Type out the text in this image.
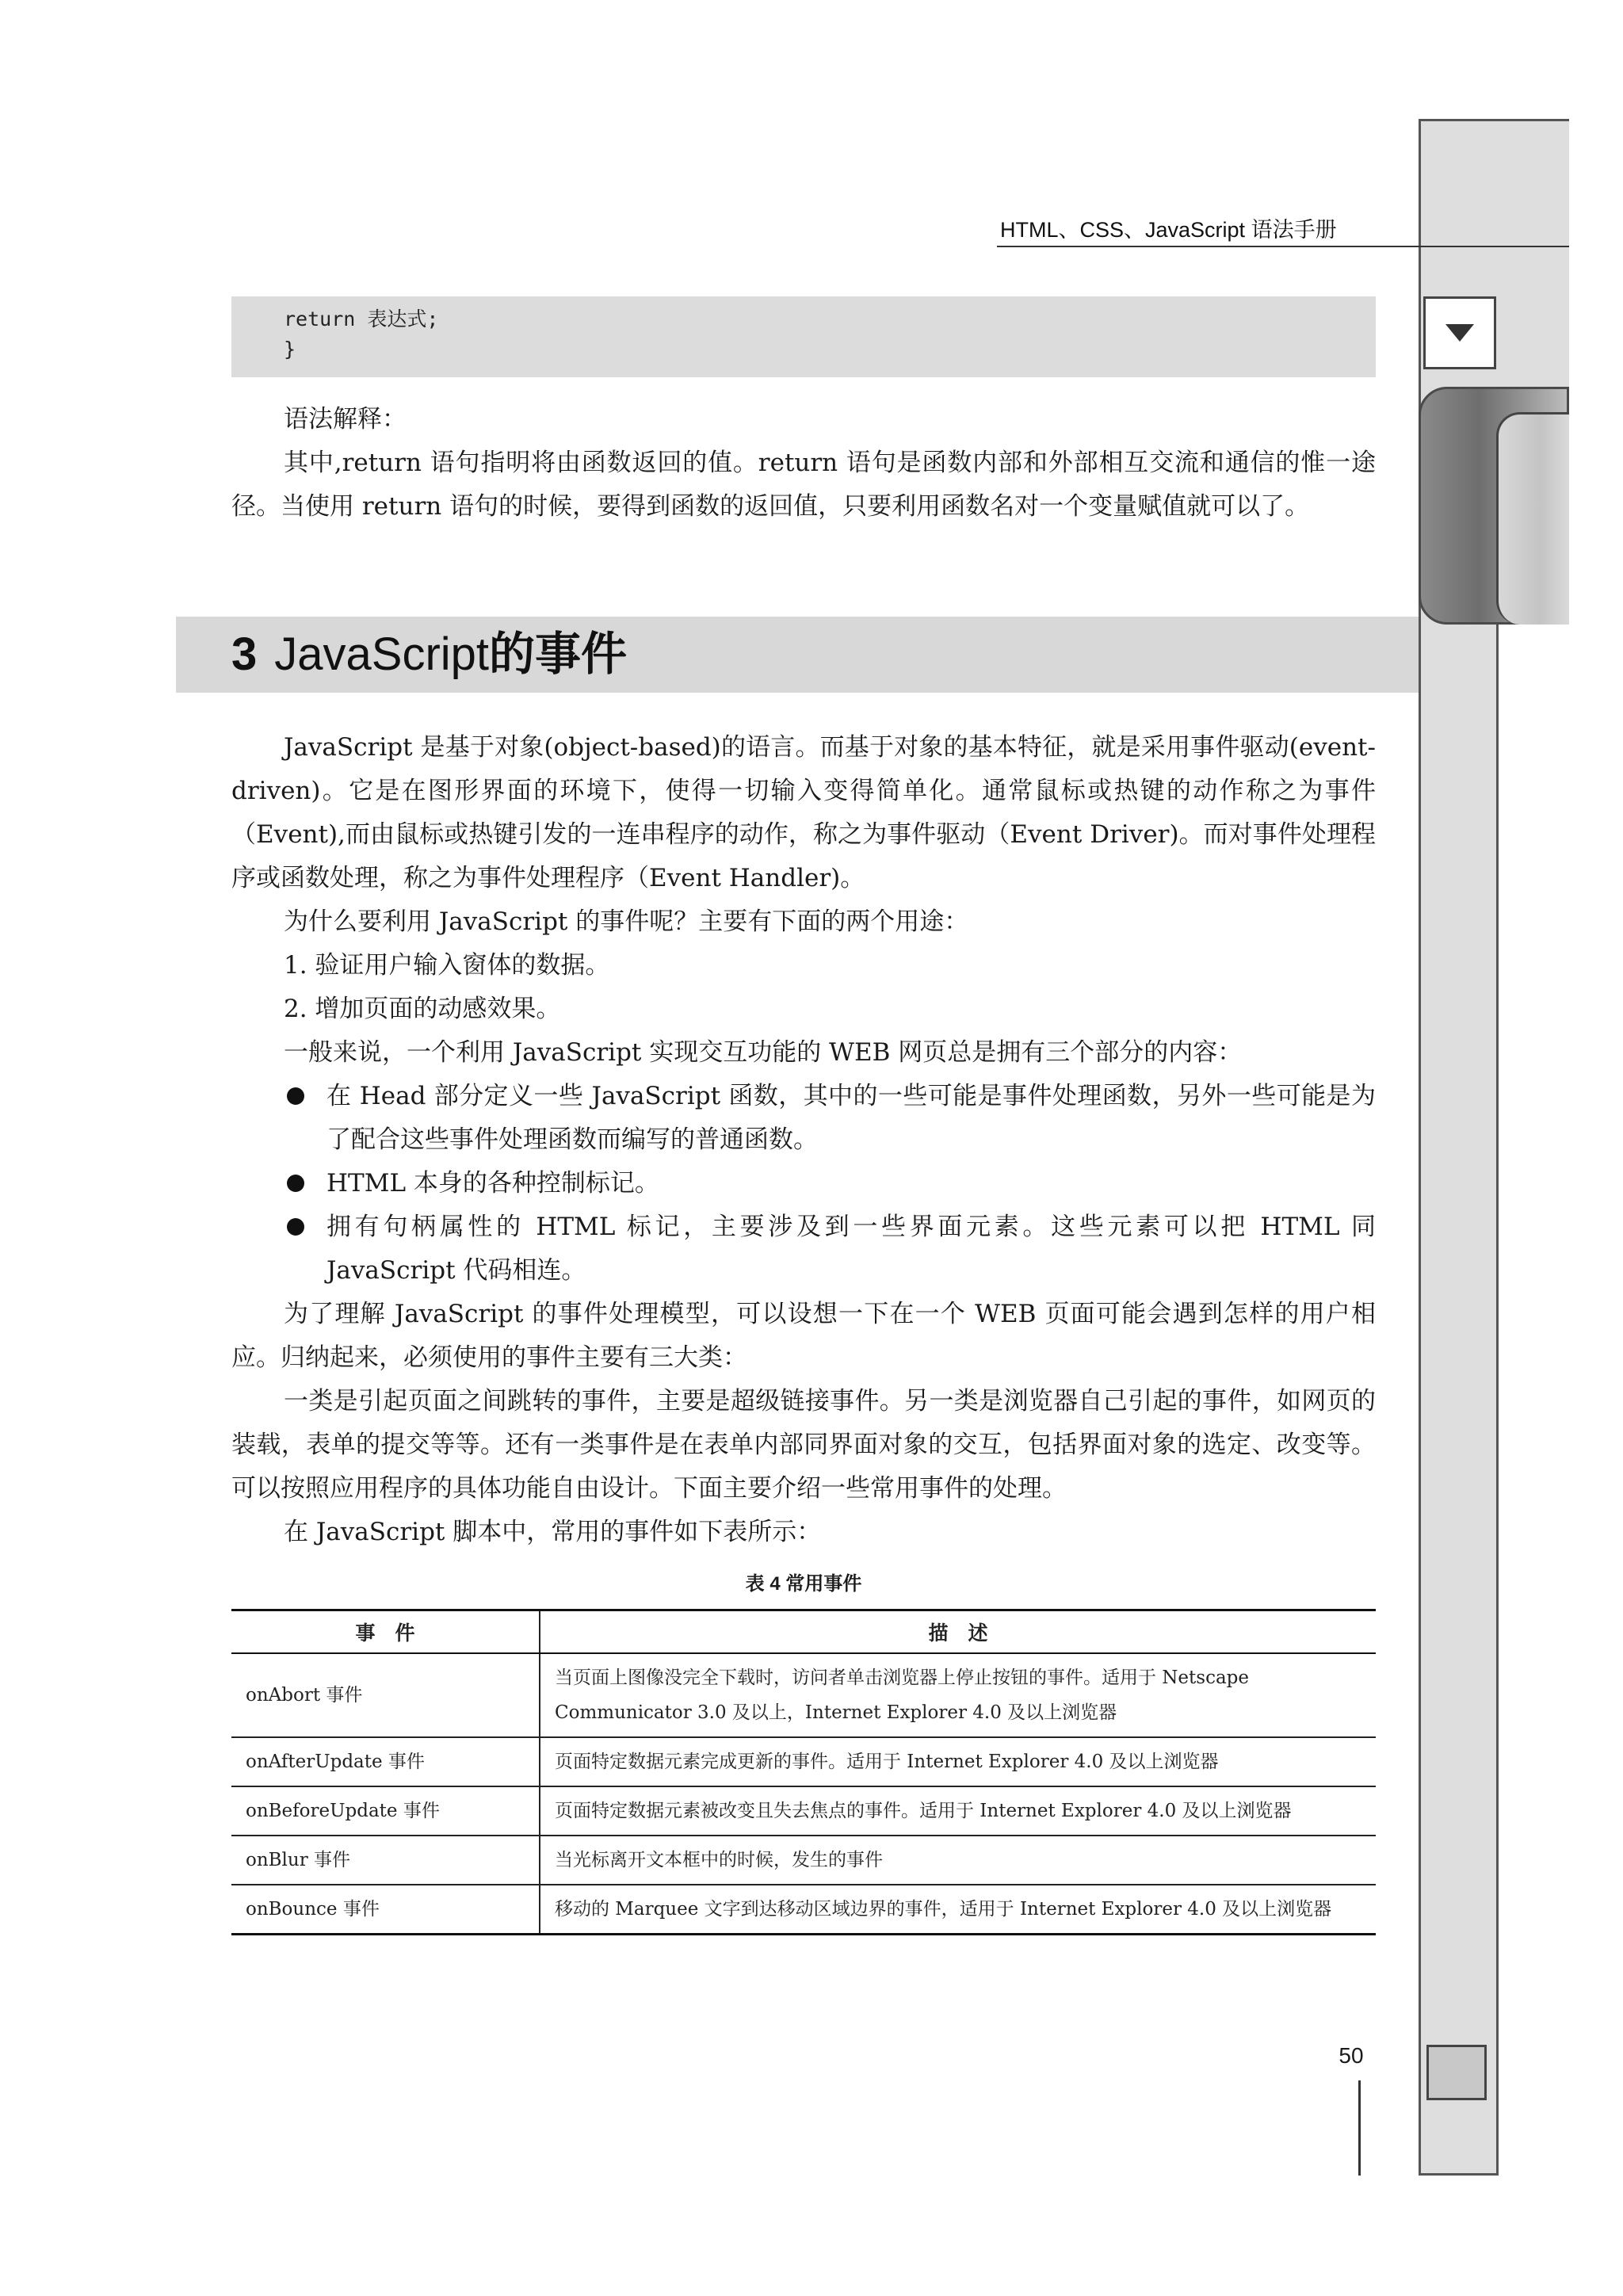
50
HTML、CSS、JavaScript 语法手册
return 表达式;
}

语法解释：

其中,return 语句指明将由函数返回的值。return 语句是函数内部和外部相互交流和通信的惟一途径。当使用 return 语句的时候，要得到函数的返回值，只要利用函数名对一个变量赋值就可以了。

3 JavaScript的事件

JavaScript 是基于对象(object-based)的语言。而基于对象的基本特征，就是采用事件驱动(event-driven)。它是在图形界面的环境下，使得一切输入变得简单化。通常鼠标或热键的动作称之为事件（Event),而由鼠标或热键引发的一连串程序的动作，称之为事件驱动（Event Driver)。而对事件处理程序或函数处理，称之为事件处理程序（Event Handler)。

为什么要利用 JavaScript 的事件呢？主要有下面的两个用途：

1. 验证用户输入窗体的数据。

2. 增加页面的动感效果。

一般来说，一个利用 JavaScript 实现交互功能的 WEB 网页总是拥有三个部分的内容：

在 Head 部分定义一些 JavaScript 函数，其中的一些可能是事件处理函数，另外一些可能是为了配合这些事件处理函数而编写的普通函数。

HTML 本身的各种控制标记。

拥有句柄属性的 HTML 标记，主要涉及到一些界面元素。这些元素可以把 HTML 同 JavaScript 代码相连。

为了理解 JavaScript 的事件处理模型，可以设想一下在一个 WEB 页面可能会遇到怎样的用户相应。归纳起来，必须使用的事件主要有三大类：

一类是引起页面之间跳转的事件，主要是超级链接事件。另一类是浏览器自己引起的事件，如网页的装载，表单的提交等等。还有一类事件是在表单内部同界面对象的交互，包括界面对象的选定、改变等。可以按照应用程序的具体功能自由设计。下面主要介绍一些常用事件的处理。

在 JavaScript 脚本中，常用的事件如下表所示：

表 4 常用事件
事　件	描　述
onAbort 事件	当页面上图像没完全下载时，访问者单击浏览器上停止按钮的事件。适用于 Netscape Communicator 3.0 及以上，Internet Explorer 4.0 及以上浏览器
onAfterUpdate 事件	页面特定数据元素完成更新的事件。适用于 Internet Explorer 4.0 及以上浏览器
onBeforeUpdate 事件	页面特定数据元素被改变且失去焦点的事件。适用于 Internet Explorer 4.0 及以上浏览器
onBlur 事件	当光标离开文本框中的时候，发生的事件
onBounce 事件	移动的 Marquee 文字到达移动区域边界的事件，适用于 Internet Explorer 4.0 及以上浏览器
